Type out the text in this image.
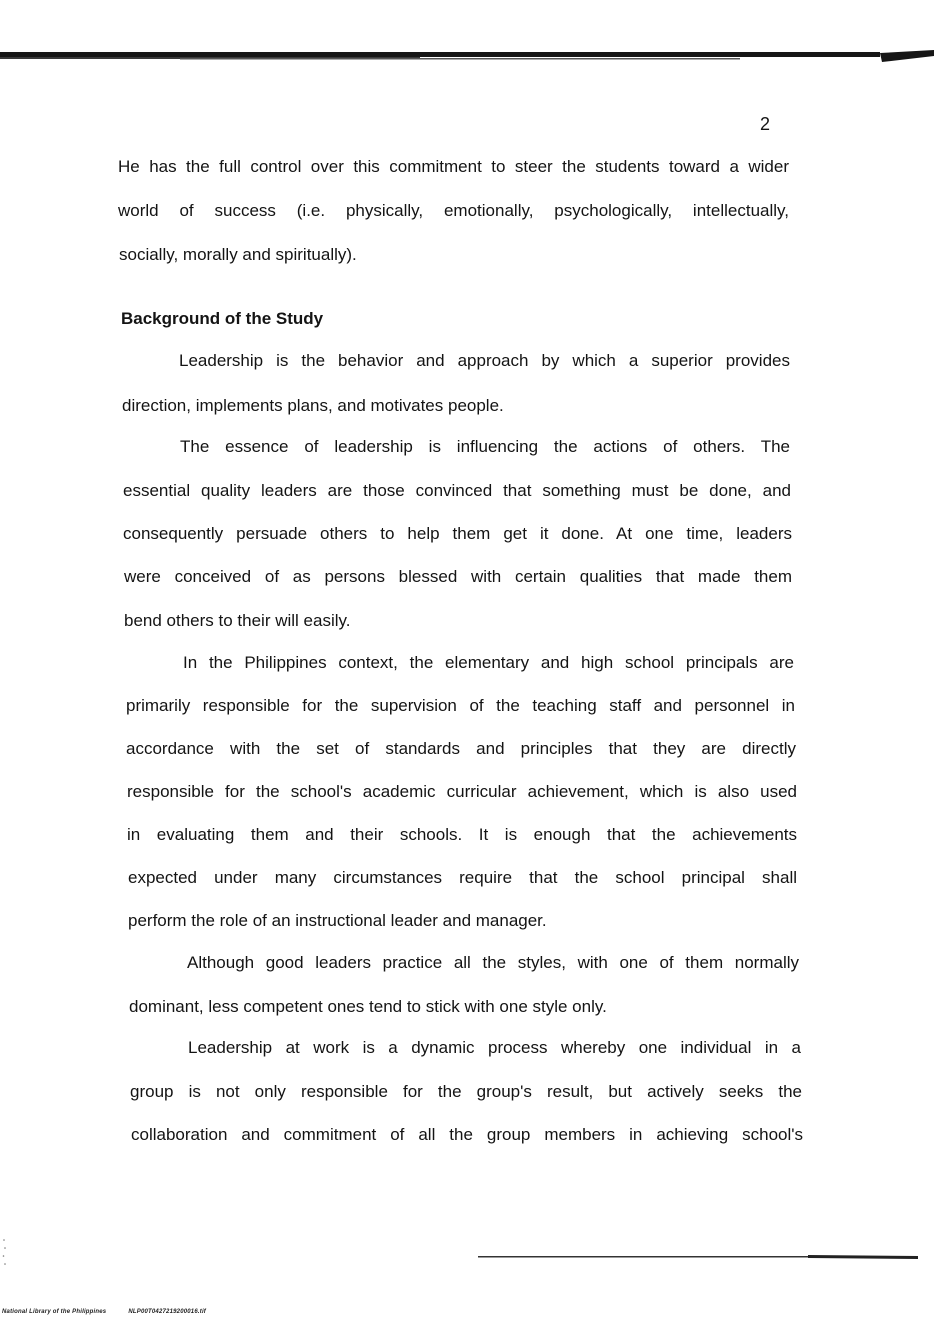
2
He has the full control over this commitment to steer the students toward a wider
world of success (i.e. physically, emotionally, psychologically, intellectually,
socially, morally and spiritually).
Background of the Study
Leadership is the behavior and approach by which a superior provides
direction, implements plans, and motivates people.
The essence of leadership is influencing the actions of others. The
essential quality leaders are those convinced that something must be done, and
consequently persuade others to help them get it done. At one time, leaders
were conceived of as persons blessed with certain qualities that made them
bend others to their will easily.
In the Philippines context, the elementary and high school principals are
primarily responsible for the supervision of the teaching staff and personnel in
accordance with the set of standards and principles that they are directly
responsible for the school's academic curricular achievement, which is also used
in evaluating them and their schools. It is enough that the achievements
expected under many circumstances require that the school principal shall
perform the role of an instructional leader and manager.
Although good leaders practice all the styles, with one of them normally
dominant, less competent ones tend to stick with one style only.
Leadership at work is a dynamic process whereby one individual in a
group is not only responsible for the group's result, but actively seeks the
collaboration and commitment of all the group members in achieving school's
National Library of the Philippines	NLP00T0427219200016.tif
